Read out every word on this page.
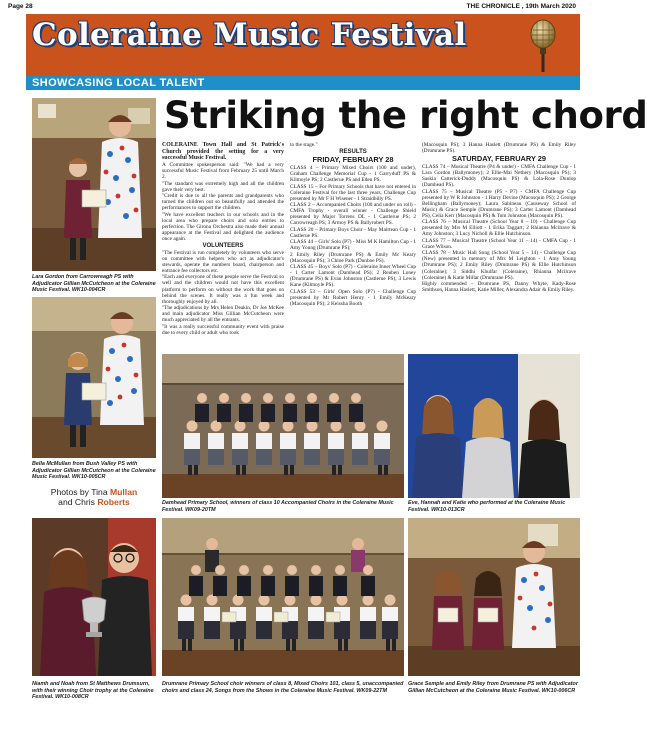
Page 28	THE CHRONICLE , 19th March 2020
Coleraine Music Festival
SHOWCASING LOCAL TALENT
Lara Gordon from Carrowreagh PS with Adjudicator Gillian McCutcheon at the Coleraine Music Festival. WK10-004CR
Bella McMullan from Bush Valley PS with Adjudicator Gillian McCutcheon at the Coleraine Music Festival. WK10-005CR
Photos by Tina Mullan
and Chris Roberts
Niamh and Noah from St Matthews Drumsurn, with their winning Choir trophy at the Coleraine Festival. WK10-008CR
Striking the right chord

COLERAINE Town Hall and St Patrick's Church provided the setting for a very successful Music Festival.

A Committee spokesperson said: "We had a very successful Music Festival from February 25 until March 2.

"The standard was extremely high and all the children gave their very best.

"Credit is due to all the parents and grandparents who turned the children out so beautifully and attended the performances to support the children.

"We have excellent teachers in our schools and in the local area who prepare choirs and solo entries to perfection. The Girona Orchestra also made their annual appearance at the Festival and delighted the audience once again.

VOLUNTEERS

"The Festival is run completely by volunteers who serve on committee with helpers who act as adjudicator's stewards, operate the numbers board, chairperson and entrance fee collectors etc.

"Each and everyone of these people serve the Festival so well and the children would not have this excellent platform to perform on without the work that goes on behind the scenes. It really was a fun week and thoroughly enjoyed by all.

"The adjudications by Mrs Helen Deakin, Dr Joe McKee and main adjudicator Miss Gillian McCutcheon were much appreciated by all the entrants.

"It was a really successful community event with praise due to every child or adult who took

to the stage."

RESULTS

FRIDAY, FEBRUARY 28

CLASS 4 – Primary Mixed Choirs (100 and under), Graham Challenge Memorial Cup - 1 Garryduff PS & Kilmoyle PS; 2 Castlerue PS and Eden PS.

CLASS 15 – For Primary Schools that have not entered in Coleraine Festival for the last three years, Challenge Cup presented by Mr F H Wisener - 1 Straidbilly PS.

CLASS 2 – Accompanied Choirs (100 and under on roll) - CMFA Trophy - overall winner - Challenge Shield presented by Major Torrens DL - 1 Castlerue PS; 2 Carrowreagh PS; 3 Armoy PS & Ballyrobert PS.

CLASS 20 – Primary Boys Choir - May Mairtean Cup - 1 Castlerue PS.

CLASS 44 – Girls' Solo (P7) - Miss M K Hamilton Cup - 1 Amy Young (Drumrane PS);

2 Emily Riley (Drumrane PS) & Emily Mc Keary (Macosquin PS); 3 Chloe Park (Dunboe PS).

CLASS 45 – Boys' Solo (P7) - Coleraine Inner Wheel Cup - 1 Carter Lamont (Damhead PS); 2 Reuben Loney (Drumrane PS) & Evan Johnston (Castlerue PS); 3 Lewis Kane (Kilmoyle PS).

CLASS 53 – Girls' Open Solo (P7) - Challenge Cup presented by Mr Robert Henry - 1 Emily McKeary (Macosquin PS); 2 Keissha Booth

(Macosquin PS); 3 Hanna Haslett (Drumrane PS) & Emily Riley (Drumrane PS).

SATURDAY, FEBRUARY 29

CLASS 74 – Musical Theatre (P4 & under) - CMFA Challenge Cup - 1 Lara Gordon (Ballymoney); 2 Ellie-Mai Nethery (Macosquin PS); 3 Saskia Catterick-Duddy (Macosquin PS) & Lola-Rose Dunlop (Damhead PS).

CLASS 75 – Musical Theatre (P5 - P7) - CMFA Challenge Cup presented by W R Johnston - 1 Harry Devine (Macosquin PS); 2 George Bellingham (Ballymoney); Laura Sabineau (Causeway School of Music) & Grace Semple (Drumrane PS); 3 Carter Lamont (Damhead PS), Celia Kerr (Macosquin PS) & Tom Johnston (Macosquin PS).

CLASS 76 – Musical Theatre (School Year 8 – 10) - Challenge Cup presented by Mrs M Elliott - 1 Erika Taggart; 2 Rhianna Mcilrave & Amy Johnston; 3 Lucy Nicholl & Ellie Hutchinson.

CLASS 77 – Musical Theatre (School Year 11 – 14) - CMFA Cup - 1 Grace Wilson.

CLASS 78 – Music Hall Song (School Year 5 – 14) - Challenge Cup (New) presented in memory of Mrs M Leighton - 1 Amy Young (Drumrane PS); 2 Emily Riley (Drumrane PS) & Ellie Hutchinson (Coleraine); 3 Siddhi Khulfar (Coleraine), Rhianna Mcilrave (Coleraine) & Katie Millar (Drumrane PS).

Highly commended – Drumrane PS, Danny Whyte, Kady-Rose Smithson, Hanna Haslett, Katie Miller, Alexandra Adair & Emily Riley.

Damhead Primary School, winners of class 10 Accompanied Choirs in the Coleraine Music Festival. WK09-20TM
Eve, Hannah and Katie who performed at the Coleraine Music Festival. WK10-013CR
Drumrane Primary School choir winners of class 8, Mixed Choirs 101, class 5, unaccompanied choirs and class 24, Songs from the Shows in the Coleraine Music Festival. WK09-22TM
Grace Semple and Emily Riley from Drumrane PS with Adjudicator Gillian McCutcheon at the Coleraine Music Festival. WK10-006CR
